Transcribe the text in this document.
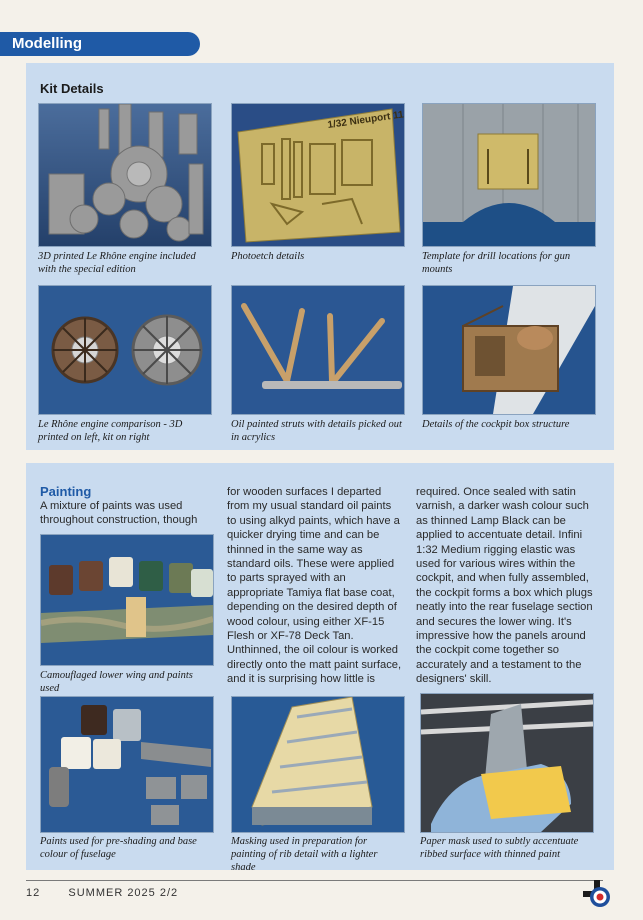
Modelling
Kit Details
3D printed Le Rhône engine included with the special edition
1/32 Nieuport 11
Photoetch details	Template for drill locations for gun mounts
Le Rhône engine comparison - 3D printed on left, kit on right
Oil painted struts with details picked out in acrylics
Details of the cockpit box structure
Painting
A mixture of paints was used throughout construction, though
Camouflaged lower wing and paints used
for wooden surfaces I departed from my usual standard oil paints to using alkyd paints, which have a quicker drying time and can be thinned in the same way as standard oils. These were applied to parts sprayed with an appropriate Tamiya flat base coat, depending on the desired depth of wood colour, using either XF-15 Flesh or XF-78 Deck Tan. Unthinned, the oil colour is worked directly onto the matt paint surface, and it is surprising how little is
required. Once sealed with satin varnish, a darker wash colour such as thinned Lamp Black can be applied to accentuate detail. Infini 1:32 Medium rigging elastic was used for various wires within the cockpit, and when fully assembled, the cockpit forms a box which plugs neatly into the rear fuselage section and secures the lower wing. It's impressive how the panels around the cockpit come together so accurately and a testament to the designers' skill.
Paints used for pre-shading and base colour of fuselage
Masking used in preparation for painting of rib detail with a lighter shade
Paper mask used to subtly accentuate ribbed surface with thinned paint
12	SUMMER 2025 2/2
